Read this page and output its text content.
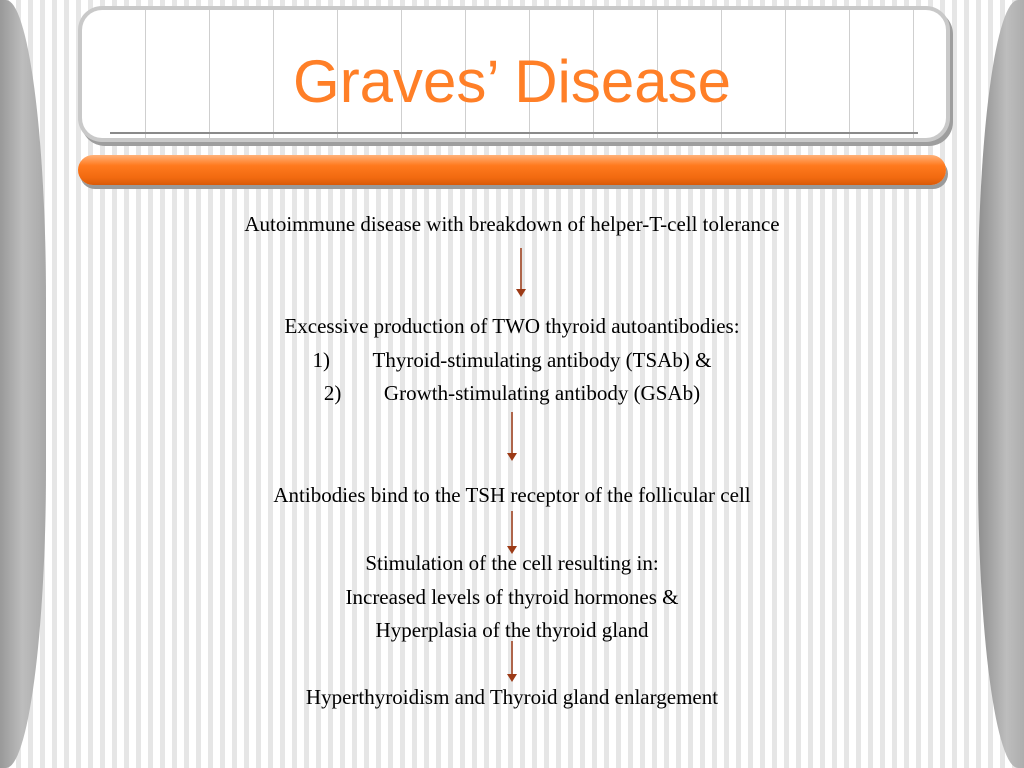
Graves’ Disease
Autoimmune disease with breakdown of helper-T-cell tolerance
Excessive production of TWO thyroid autoantibodies:
1) Thyroid-stimulating antibody (TSAb) &
2) Growth-stimulating antibody (GSAb)
Antibodies bind to the TSH receptor of the follicular cell
Stimulation of the cell resulting in:
Increased levels of thyroid hormones &
Hyperplasia of the thyroid gland
Hyperthyroidism and Thyroid gland enlargement
